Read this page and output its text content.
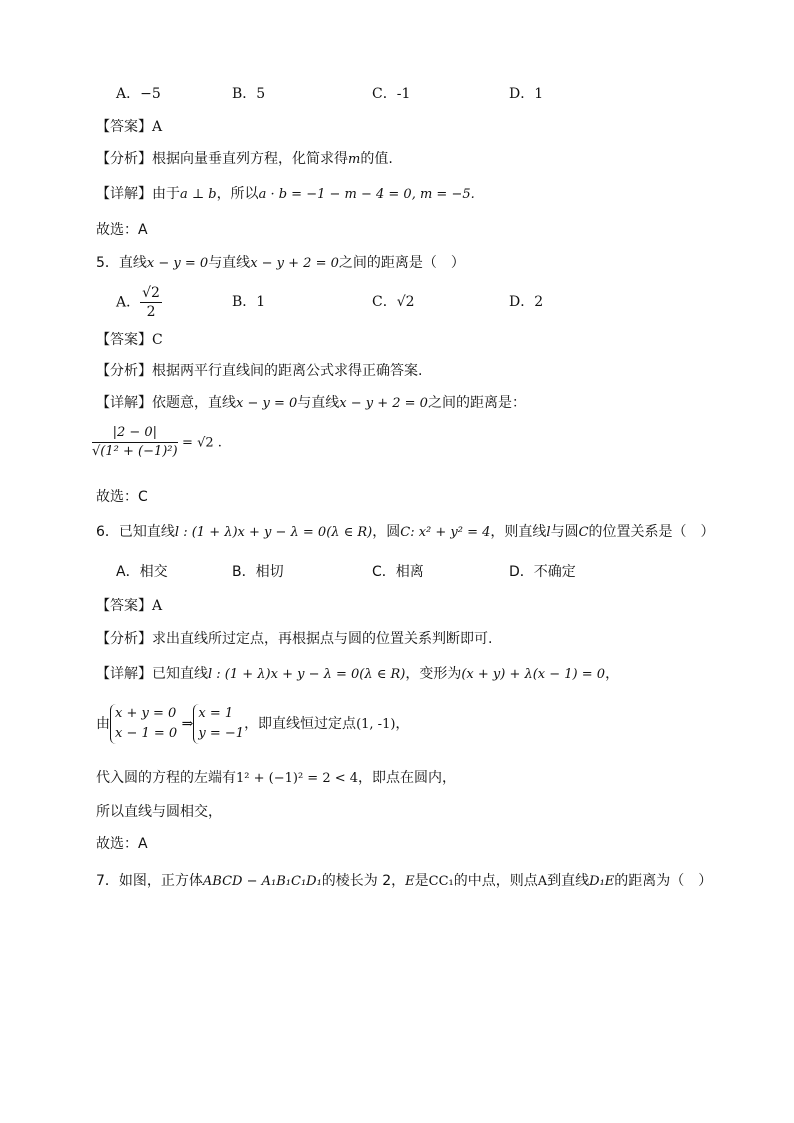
A．−5	B．5	C．-1	D．1
【答案】A
【分析】根据向量垂直列方程，化简求得m的值.
【详解】由于a ⊥ b，所以a · b = −1 − m − 4 = 0, m = −5.
故选：A
5．直线x − y = 0与直线x − y + 2 = 0之间的距离是（　）
A． $\frac{√2}{2}$	B．1	C．√2	D．2
【答案】C
【分析】根据两平行直线间的距离公式求得正确答案.
【详解】依题意，直线x − y = 0与直线x − y + 2 = 0之间的距离是：
$\frac{|2 - 0|}{\text{√(1² + (−1)²)}} = √2$ .
故选：C
6．已知直线l : (1 + λ)x + y − λ = 0(λ ∈ R)，圆C: x² + y² = 4，则直线l与圆C的位置关系是（　）
A．相交	B．相切	C．相离	D．不确定
【答案】A
【分析】求出直线所过定点，再根据点与圆的位置关系判断即可.
【详解】已知直线l : (1 + λ)x + y − λ = 0(λ ∈ R)，变形为(x + y) + λ(x − 1) = 0，
由
x + y = 0
x − 1 = 0
⇒
x = 1
y = −1
，即直线恒过定点(1, -1)，
代入圆的方程的左端有1² + (−1)² = 2 < 4，即点在圆内，
所以直线与圆相交，
故选：A
7．如图，正方体ABCD − A₁B₁C₁D₁的棱长为 2，E是CC₁的中点，则点A到直线D₁E的距离为（　）
